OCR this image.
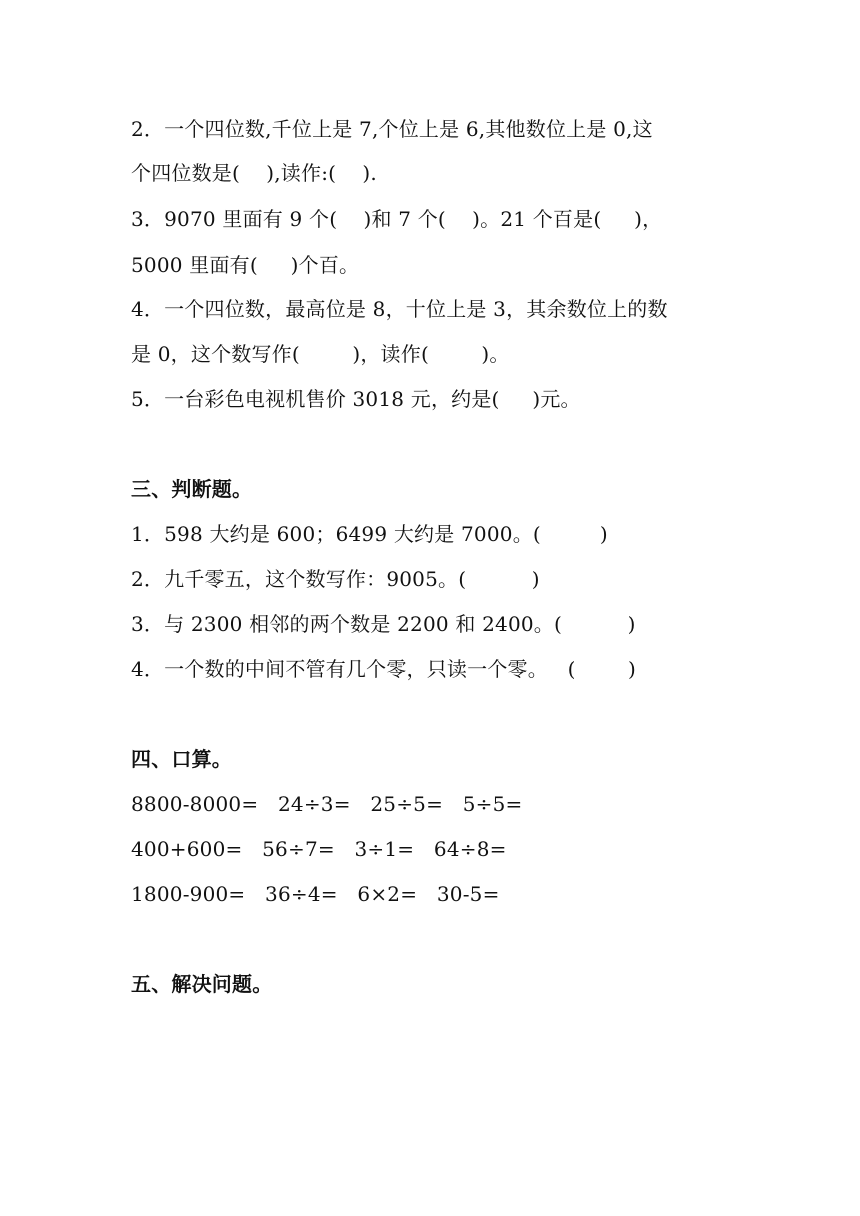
2．一个四位数,千位上是 7,个位上是 6,其他数位上是 0,这
个四位数是(    ),读作:(    ).
3．9070 里面有 9 个(    )和 7 个(    )。21 个百是(     )，
5000 里面有(     )个百。
4．一个四位数，最高位是 8，十位上是 3，其余数位上的数
是 0，这个数写作(        )，读作(        )。
5．一台彩色电视机售价 3018 元，约是(     )元。
三、判断题。
1．598 大约是 600；6499 大约是 7000。(         )
2．九千零五，这个数写作：9005。(          )
3．与 2300 相邻的两个数是 2200 和 2400。(          )
4．一个数的中间不管有几个零，只读一个零。   (        )
四、口算。
8800-8000=   24÷3=   25÷5=   5÷5=
400+600=   56÷7=   3÷1=   64÷8=
1800-900=   36÷4=   6×2=   30-5=
五、解决问题。
